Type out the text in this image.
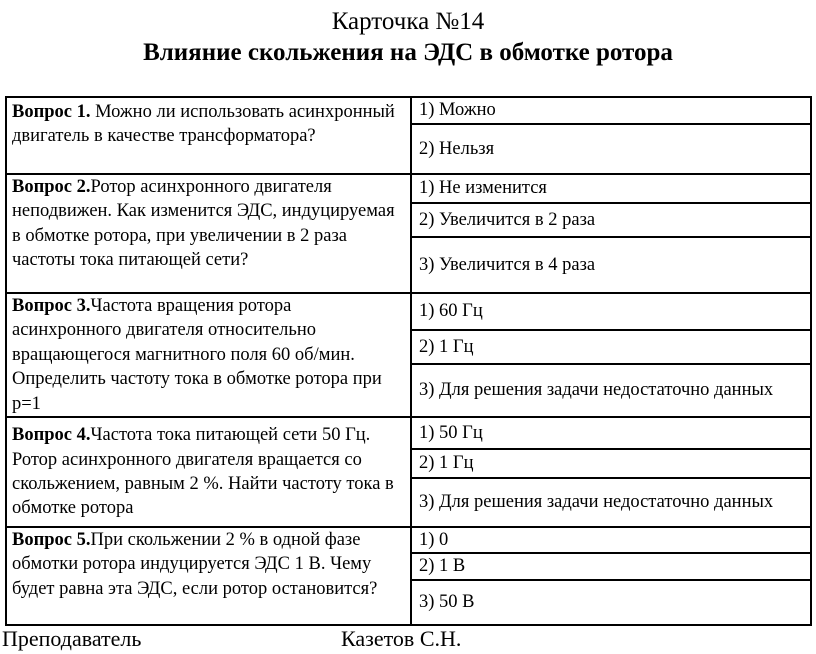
Карточка №14
Влияние скольжения на ЭДС в обмотке ротора
Вопрос 1. Можно ли использовать асинхронный двигатель в качестве трансформатора?	1) Можно
	2) Нельзя
Вопрос 2.Ротор асинхронного двигателя неподвижен. Как изменится ЭДС, индуцируемая в обмотке ротора, при увеличении в 2 раза частоты тока питающей сети?	1) Не изменится
	2) Увеличится в 2 раза
	3) Увеличится в 4 раза
Вопрос 3.Частота вращения ротора асинхронного двигателя относительно вращающегося магнитного поля 60 об/мин. Определить частоту тока в обмотке ротора при р=1	1) 60 Гц
	2) 1 Гц
	3) Для решения задачи недостаточно данных
Вопрос 4.Частота тока питающей сети 50 Гц. Ротор асинхронного двигателя вращается со скольжением, равным 2 %. Найти частоту тока в обмотке ротора	1) 50 Гц
	2) 1 Гц
	3) Для решения задачи недостаточно данных
Вопрос 5.При скольжении 2 % в одной фазе обмотки ротора индуцируется ЭДС 1 В. Чему будет равна эта ЭДС, если ротор остановится?	1) 0
	2) 1 В
	3) 50 В
Преподаватель	Казетов С.Н.
